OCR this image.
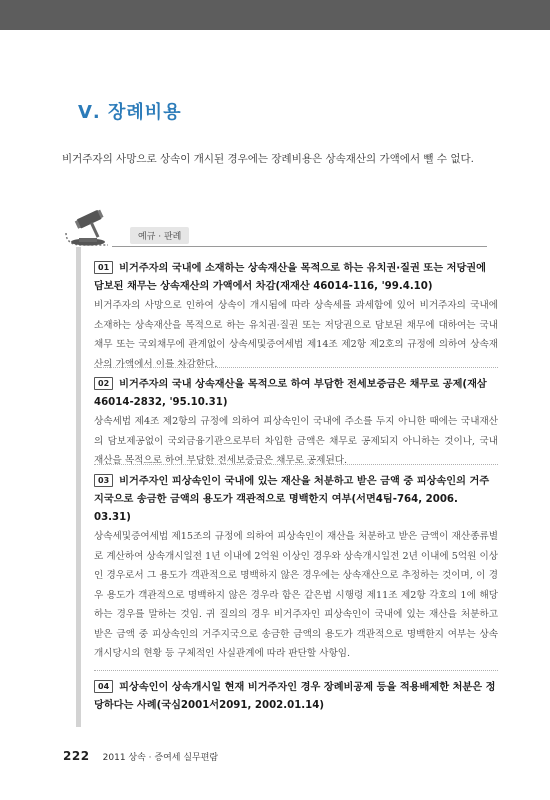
Ⅴ. 장례비용
비거주자의 사망으로 상속이 개시된 경우에는 장례비용은 상속재산의 가액에서 뺄 수 없다.
예규 · 판례
01 비거주자의 국내에 소재하는 상속재산을 목적으로 하는 유치권·질권 또는 저당권에 담보된 채무는 상속재산의 가액에서 차감(재재산 46014-116, '99.4.10)
비거주자의 사망으로 인하여 상속이 개시됨에 따라 상속세를 과세함에 있어 비거주자의 국내에 소재하는 상속재산을 목적으로 하는 유치권·질권 또는 저당권으로 담보된 채무에 대하여는 국내채무 또는 국외채무에 관계없이 상속세및증여세법 제14조 제2항 제2호의 규정에 의하여 상속재산의 가액에서 이를 차감한다.
02 비거주자의 국내 상속재산을 목적으로 하여 부담한 전세보증금은 채무로 공제(재삼 46014-2832, '95.10.31)
상속세법 제4조 제2항의 규정에 의하여 피상속인이 국내에 주소를 두지 아니한 때에는 국내재산의 담보제공없이 국외금융기관으로부터 차입한 금액은 채무로 공제되지 아니하는 것이나, 국내 재산을 목적으로 하여 부담한 전세보증금은 채무로 공제된다.
03 비거주자인 피상속인이 국내에 있는 재산을 처분하고 받은 금액 중 피상속인의 거주지국으로 송금한 금액의 용도가 객관적으로 명백한지 여부(서면4팀-764, 2006. 03.31)
상속세및증여세법 제15조의 규정에 의하여 피상속인이 재산을 처분하고 받은 금액이 재산종류별로 계산하여 상속개시일전 1년 이내에 2억원 이상인 경우와 상속개시일전 2년 이내에 5억원 이상인 경우로서 그 용도가 객관적으로 명백하지 않은 경우에는 상속재산으로 추정하는 것이며, 이 경우 용도가 객관적으로 명백하지 않은 경우라 함은 같은법 시행령 제11조 제2항 각호의 1에 해당하는 경우를 말하는 것임. 귀 질의의 경우 비거주자인 피상속인이 국내에 있는 재산을 처분하고 받은 금액 중 피상속인의 거주지국으로 송금한 금액의 용도가 객관적으로 명백한지 여부는 상속개시당시의 현황 등 구체적인 사실관계에 따라 판단할 사항임.
04 피상속인이 상속개시일 현재 비거주자인 경우 장례비공제 등을 적용배제한 처분은 정당하다는 사례(국심2001서2091, 2002.01.14)
222 2011 상속 · 증여세 실무편람
